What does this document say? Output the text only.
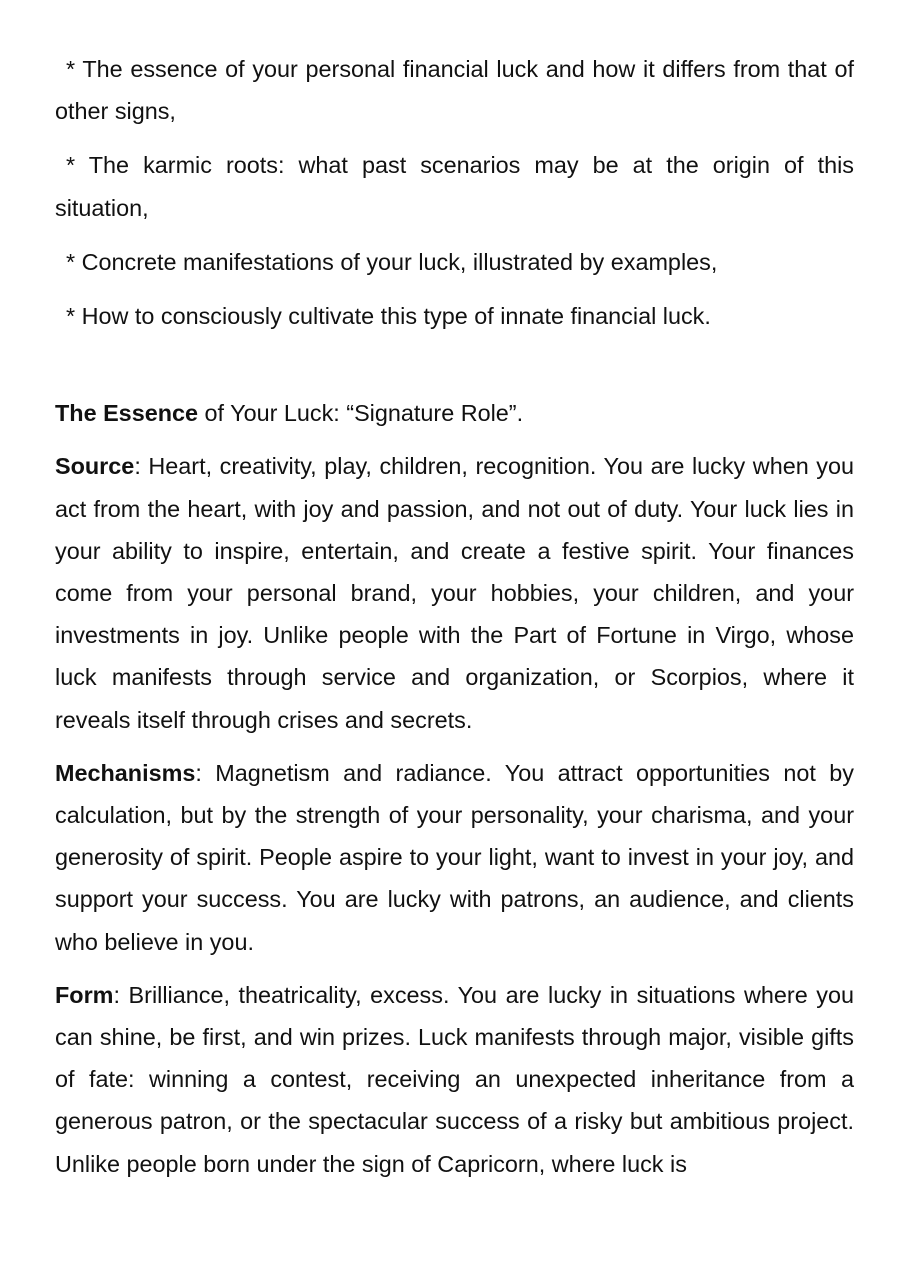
* The essence of your personal financial luck and how it differs from that of other signs,

* The karmic roots: what past scenarios may be at the origin of this situation,

* Concrete manifestations of your luck, illustrated by examples,

* How to consciously cultivate this type of innate financial luck.

The Essence of Your Luck: “Signature Role”.

Source: Heart, creativity, play, children, recognition. You are lucky when you act from the heart, with joy and passion, and not out of duty. Your luck lies in your ability to inspire, entertain, and create a festive spirit. Your finances come from your personal brand, your hobbies, your children, and your investments in joy. Unlike people with the Part of Fortune in Virgo, whose luck manifests through service and organization, or Scorpios, where it reveals itself through crises and secrets.

Mechanisms: Magnetism and radiance. You attract opportunities not by calculation, but by the strength of your personality, your charisma, and your generosity of spirit. People aspire to your light, want to invest in your joy, and support your success. You are lucky with patrons, an audience, and clients who believe in you.

Form: Brilliance, theatricality, excess. You are lucky in situations where you can shine, be first, and win prizes. Luck manifests through major, visible gifts of fate: winning a contest, receiving an unexpected inheritance from a generous patron, or the spectacular success of a risky but ambitious project. Unlike people born under the sign of Capricorn, where luck is
